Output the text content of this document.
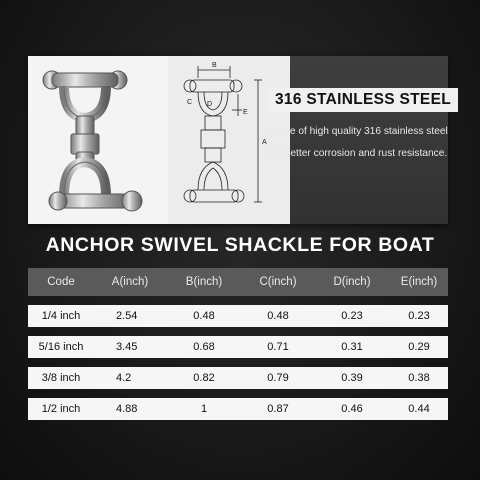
B
D
C
E
A
316 STAINLESS STEEL
Made of high quality 316 stainless steel for better corrosion and rust resistance.
ANCHOR SWIVEL SHACKLE FOR BOAT
Code	A(inch)	B(inch)	C(inch)	D(inch)	E(inch)
1/4 inch	2.54	0.48	0.48	0.23	0.23
5/16 inch	3.45	0.68	0.71	0.31	0.29
3/8 inch	4.2	0.82	0.79	0.39	0.38
1/2 inch	4.88	1	0.87	0.46	0.44
